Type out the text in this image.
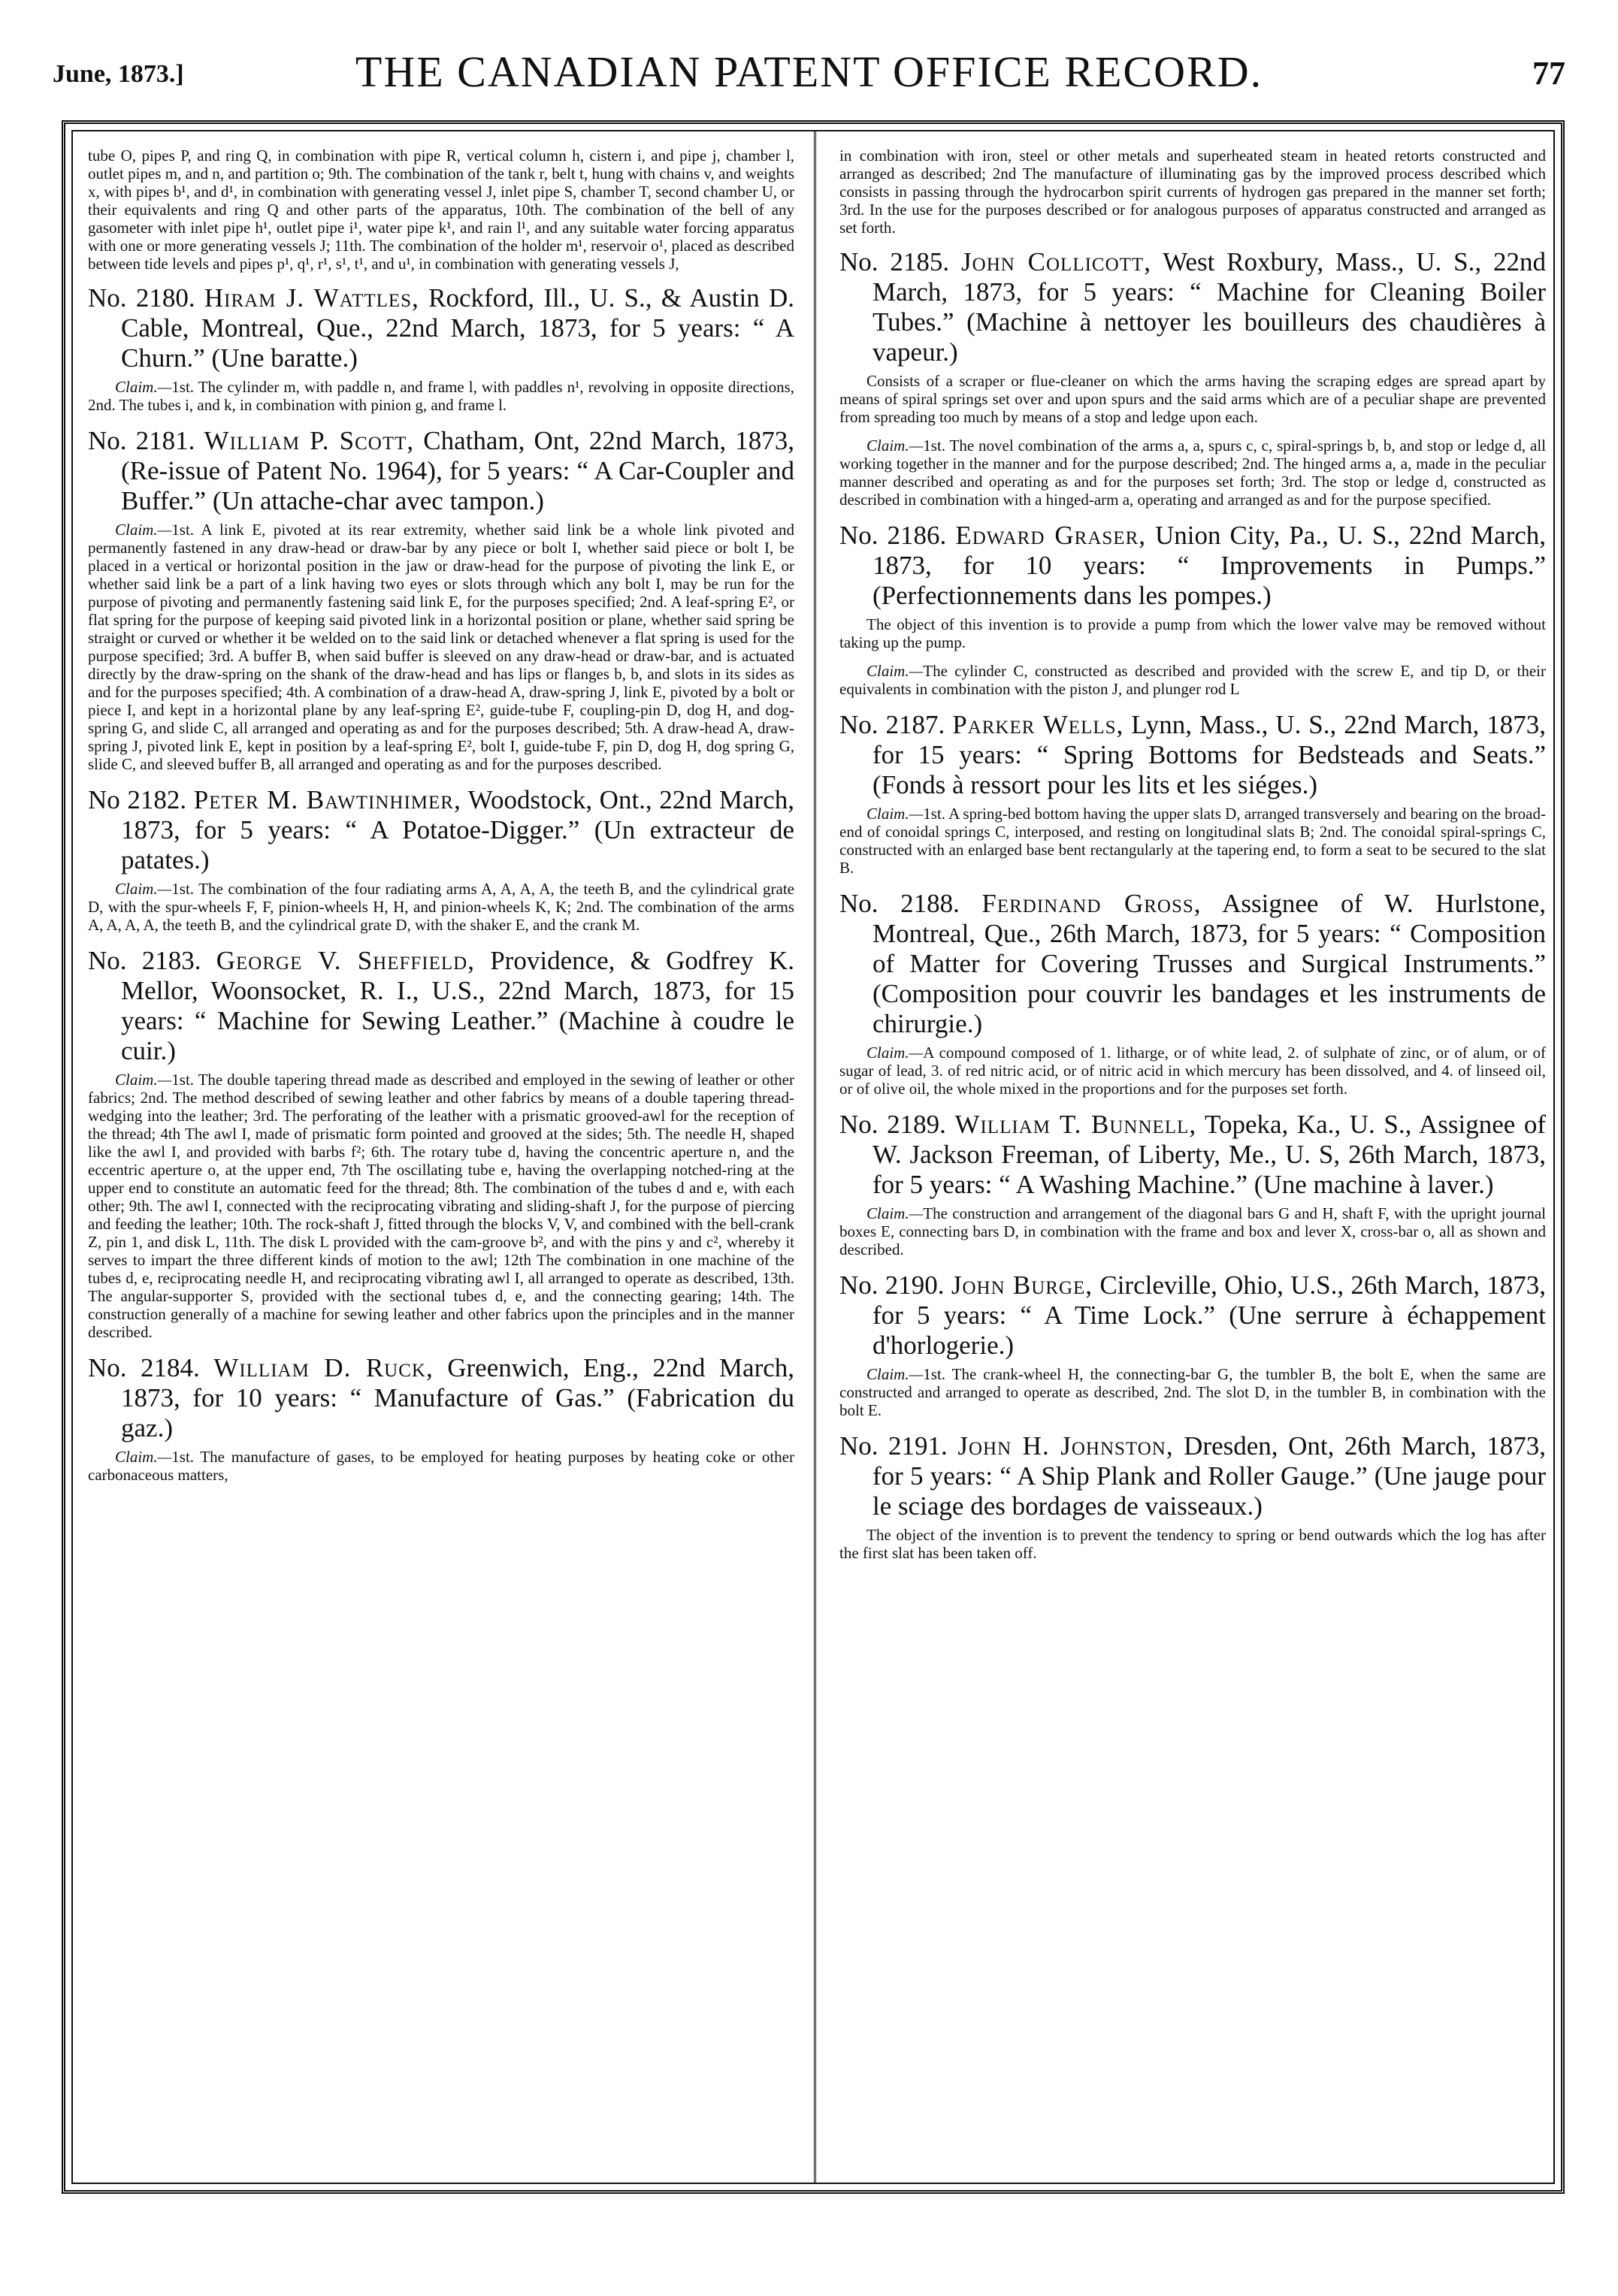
June, 1873.]	THE CANADIAN PATENT OFFICE RECORD.	77

tube O, pipes P, and ring Q, in combination with pipe R, vertical column h, cistern i, and pipe j, chamber l, outlet pipes m, and n, and partition o; 9th. The combination of the tank r, belt t, hung with chains v, and weights x, with pipes b¹, and d¹, in combination with generating vessel J, inlet pipe S, chamber T, second chamber U, or their equivalents and ring Q and other parts of the apparatus, 10th. The combination of the bell of any gasometer with inlet pipe h¹, outlet pipe i¹, water pipe k¹, and rain l¹, and any suitable water forcing apparatus with one or more generating vessels J; 11th. The combination of the holder m¹, reservoir o¹, placed as described between tide levels and pipes p¹, q¹, r¹, s¹, t¹, and u¹, in combination with generating vessels J,

No. 2180. Hiram J. Wattles, Rockford, Ill., U. S., & Austin D. Cable, Montreal, Que., 22nd March, 1873, for 5 years: “ A Churn.” (Une baratte.)

Claim.—1st. The cylinder m, with paddle n, and frame l, with paddles n¹, revolving in opposite directions, 2nd. The tubes i, and k, in combination with pinion g, and frame l.

No. 2181. William P. Scott, Chatham, Ont, 22nd March, 1873, (Re-issue of Patent No. 1964), for 5 years: “ A Car-Coupler and Buffer.” (Un attache-char avec tampon.)

Claim.—1st. A link E, pivoted at its rear extremity, whether said link be a whole link pivoted and permanently fastened in any draw-head or draw-bar by any piece or bolt I, whether said piece or bolt I, be placed in a vertical or horizontal position in the jaw or draw-head for the purpose of pivoting the link E, or whether said link be a part of a link having two eyes or slots through which any bolt I, may be run for the purpose of pivoting and permanently fastening said link E, for the purposes specified; 2nd. A leaf-spring E², or flat spring for the purpose of keeping said pivoted link in a horizontal position or plane, whether said spring be straight or curved or whether it be welded on to the said link or detached whenever a flat spring is used for the purpose specified; 3rd. A buffer B, when said buffer is sleeved on any draw-head or draw-bar, and is actuated directly by the draw-spring on the shank of the draw-head and has lips or flanges b, b, and slots in its sides as and for the purposes specified; 4th. A combination of a draw-head A, draw-spring J, link E, pivoted by a bolt or piece I, and kept in a horizontal plane by any leaf-spring E², guide-tube F, coupling-pin D, dog H, and dog-spring G, and slide C, all arranged and operating as and for the purposes described; 5th. A draw-head A, draw-spring J, pivoted link E, kept in position by a leaf-spring E², bolt I, guide-tube F, pin D, dog H, dog spring G, slide C, and sleeved buffer B, all arranged and operating as and for the purposes described.

No 2182. Peter M. Bawtinhimer, Woodstock, Ont., 22nd March, 1873, for 5 years: “ A Potatoe-Digger.” (Un extracteur de patates.)

Claim.—1st. The combination of the four radiating arms A, A, A, A, the teeth B, and the cylindrical grate D, with the spur-wheels F, F, pinion-wheels H, H, and pinion-wheels K, K; 2nd. The combination of the arms A, A, A, A, the teeth B, and the cylindrical grate D, with the shaker E, and the crank M.

No. 2183. George V. Sheffield, Providence, & Godfrey K. Mellor, Woonsocket, R. I., U.S., 22nd March, 1873, for 15 years: “ Machine for Sewing Leather.” (Machine à coudre le cuir.)

Claim.—1st. The double tapering thread made as described and employed in the sewing of leather or other fabrics; 2nd. The method described of sewing leather and other fabrics by means of a double tapering thread-wedging into the leather; 3rd. The perforating of the leather with a prismatic grooved-awl for the reception of the thread; 4th The awl I, made of prismatic form pointed and grooved at the sides; 5th. The needle H, shaped like the awl I, and provided with barbs f²; 6th. The rotary tube d, having the concentric aperture n, and the eccentric aperture o, at the upper end, 7th The oscillating tube e, having the overlapping notched-ring at the upper end to constitute an automatic feed for the thread; 8th. The combination of the tubes d and e, with each other; 9th. The awl I, connected with the reciprocating vibrating and sliding-shaft J, for the purpose of piercing and feeding the leather; 10th. The rock-shaft J, fitted through the blocks V, V, and combined with the bell-crank Z, pin 1, and disk L, 11th. The disk L provided with the cam-groove b², and with the pins y and c², whereby it serves to impart the three different kinds of motion to the awl; 12th The combination in one machine of the tubes d, e, reciprocating needle H, and reciprocating vibrating awl I, all arranged to operate as described, 13th. The angular-supporter S, provided with the sectional tubes d, e, and the connecting gearing; 14th. The construction generally of a machine for sewing leather and other fabrics upon the principles and in the manner described.

No. 2184. William D. Ruck, Greenwich, Eng., 22nd March, 1873, for 10 years: “ Manufacture of Gas.” (Fabrication du gaz.)

Claim.—1st. The manufacture of gases, to be employed for heating purposes by heating coke or other carbonaceous matters,

in combination with iron, steel or other metals and superheated steam in heated retorts constructed and arranged as described; 2nd The manufacture of illuminating gas by the improved process described which consists in passing through the hydrocarbon spirit currents of hydrogen gas prepared in the manner set forth; 3rd. In the use for the purposes described or for analogous purposes of apparatus constructed and arranged as set forth.

No. 2185. John Collicott, West Roxbury, Mass., U. S., 22nd March, 1873, for 5 years: “ Machine for Cleaning Boiler Tubes.” (Machine à nettoyer les bouilleurs des chaudières à vapeur.)

Consists of a scraper or flue-cleaner on which the arms having the scraping edges are spread apart by means of spiral springs set over and upon spurs and the said arms which are of a peculiar shape are prevented from spreading too much by means of a stop and ledge upon each.

Claim.—1st. The novel combination of the arms a, a, spurs c, c, spiral-springs b, b, and stop or ledge d, all working together in the manner and for the purpose described; 2nd. The hinged arms a, a, made in the peculiar manner described and operating as and for the purposes set forth; 3rd. The stop or ledge d, constructed as described in combination with a hinged-arm a, operating and arranged as and for the purpose specified.

No. 2186. Edward Graser, Union City, Pa., U. S., 22nd March, 1873, for 10 years: “ Improvements in Pumps.” (Perfectionnements dans les pompes.)

The object of this invention is to provide a pump from which the lower valve may be removed without taking up the pump.

Claim.—The cylinder C, constructed as described and provided with the screw E, and tip D, or their equivalents in combination with the piston J, and plunger rod L

No. 2187. Parker Wells, Lynn, Mass., U. S., 22nd March, 1873, for 15 years: “ Spring Bottoms for Bedsteads and Seats.” (Fonds à ressort pour les lits et les siéges.)

Claim.—1st. A spring-bed bottom having the upper slats D, arranged transversely and bearing on the broad-end of conoidal springs C, interposed, and resting on longitudinal slats B; 2nd. The conoidal spiral-springs C, constructed with an enlarged base bent rectangularly at the tapering end, to form a seat to be secured to the slat B.

No. 2188. Ferdinand Gross, Assignee of W. Hurlstone, Montreal, Que., 26th March, 1873, for 5 years: “ Composition of Matter for Covering Trusses and Surgical Instruments.” (Composition pour couvrir les bandages et les instruments de chirurgie.)

Claim.—A compound composed of 1. litharge, or of white lead, 2. of sulphate of zinc, or of alum, or of sugar of lead, 3. of red nitric acid, or of nitric acid in which mercury has been dissolved, and 4. of linseed oil, or of olive oil, the whole mixed in the proportions and for the purposes set forth.

No. 2189. William T. Bunnell, Topeka, Ka., U. S., Assignee of W. Jackson Freeman, of Liberty, Me., U. S, 26th March, 1873, for 5 years: “ A Washing Machine.” (Une machine à laver.)

Claim.—The construction and arrangement of the diagonal bars G and H, shaft F, with the upright journal boxes E, connecting bars D, in combination with the frame and box and lever X, cross-bar o, all as shown and described.

No. 2190. John Burge, Circleville, Ohio, U.S., 26th March, 1873, for 5 years: “ A Time Lock.” (Une serrure à échappement d'horlogerie.)

Claim.—1st. The crank-wheel H, the connecting-bar G, the tumbler B, the bolt E, when the same are constructed and arranged to operate as described, 2nd. The slot D, in the tumbler B, in combination with the bolt E.

No. 2191. John H. Johnston, Dresden, Ont, 26th March, 1873, for 5 years: “ A Ship Plank and Roller Gauge.” (Une jauge pour le sciage des bordages de vaisseaux.)

The object of the invention is to prevent the tendency to spring or bend outwards which the log has after the first slat has been taken off.
